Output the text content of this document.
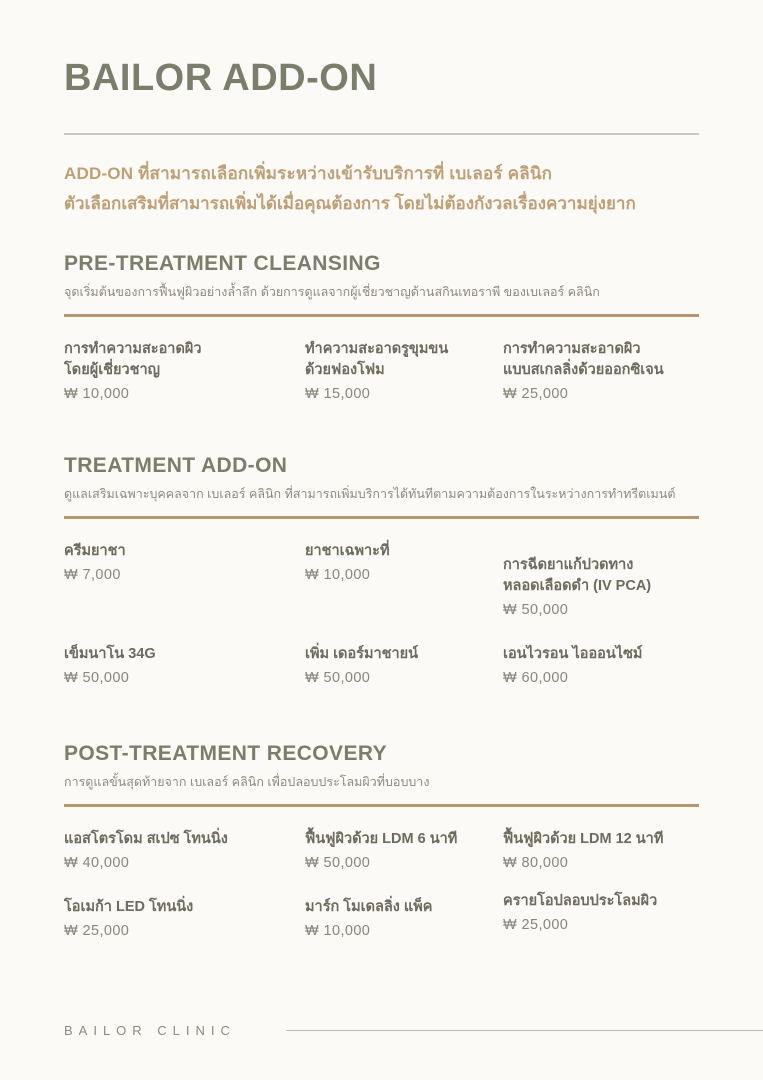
BAILOR ADD-ON
ADD-ON ที่สามารถเลือกเพิ่มระหว่างเข้ารับบริการที่ เบเลอร์ คลินิก
ตัวเลือกเสริมที่สามารถเพิ่มได้เมื่อคุณต้องการ โดยไม่ต้องกังวลเรื่องความยุ่งยาก
PRE-TREATMENT CLEANSING
จุดเริ่มต้นของการฟื้นฟูผิวอย่างล้ำลึก ด้วยการดูแลจากผู้เชี่ยวชาญด้านสกินเทอราพี ของเบเลอร์ คลินิก
การทำความสะอาดผิว
โดยผู้เชี่ยวชาญ
₩ 10,000
ทำความสะอาดรูขุมขน
ด้วยฟองโฟม
₩ 15,000
การทำความสะอาดผิว
แบบสเกลลิ่งด้วยออกซิเจน
₩ 25,000
TREATMENT ADD-ON
ดูแลเสริมเฉพาะบุคคลจาก เบเลอร์ คลินิก ที่สามารถเพิ่มบริการได้ทันทีตามความต้องการในระหว่างการทำทรีตเมนต์
ครีมยาชา
₩ 7,000
ยาชาเฉพาะที่
₩ 10,000
การฉีดยาแก้ปวดทาง
หลอดเลือดดำ (IV PCA)
₩ 50,000
เข็มนาโน 34G
₩ 50,000
เพิ่ม เดอร์มาชายน์
₩ 50,000
เอนไวรอน ไอออนไซม์
₩ 60,000
POST-TREATMENT RECOVERY
การดูแลขั้นสุดท้ายจาก เบเลอร์ คลินิก เพื่อปลอบประโลมผิวที่บอบบาง
แอสโตรโดม สเปซ โทนนิ่ง
₩ 40,000
ฟื้นฟูผิวด้วย LDM 6 นาที
₩ 50,000
ฟื้นฟูผิวด้วย LDM 12 นาที
₩ 80,000
โอเมก้า LED โทนนิ่ง
₩ 25,000
มาร์ก โมเดลลิ่ง แพ็ค
₩ 10,000
ครายโอปลอบประโลมผิว
₩ 25,000
BAILOR CLINIC
